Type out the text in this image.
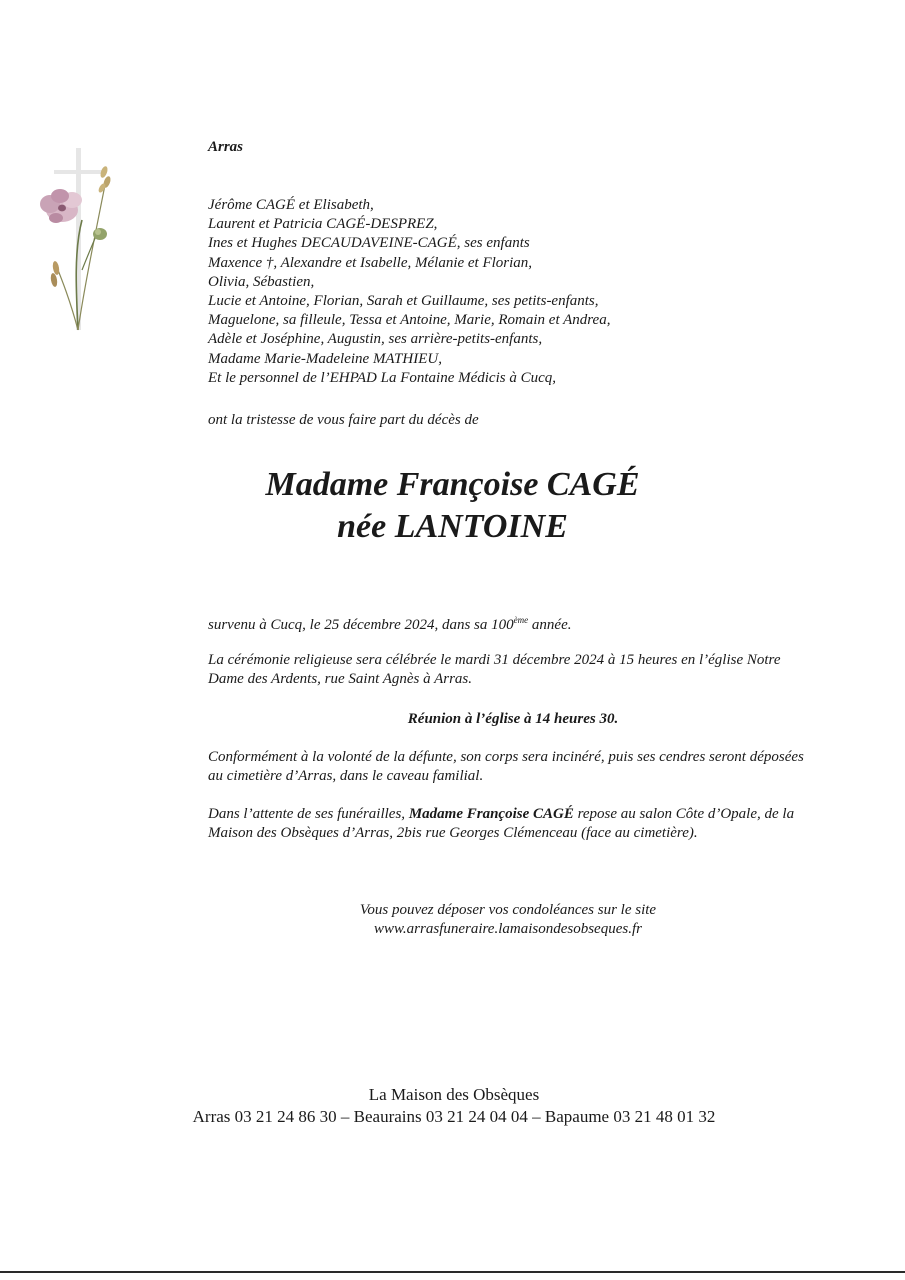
Arras
Jérôme CAGÉ et Elisabeth,
Laurent et Patricia CAGÉ-DESPREZ,
Ines et Hughes DECAUDAVEINE-CAGÉ, ses enfants
Maxence †, Alexandre et Isabelle, Mélanie et Florian,
Olivia, Sébastien,
Lucie et Antoine, Florian, Sarah et Guillaume, ses petits-enfants,
Maguelone, sa filleule, Tessa et Antoine, Marie, Romain et Andrea,
Adèle et Joséphine, Augustin, ses arrière-petits-enfants,
Madame Marie-Madeleine MATHIEU,
Et le personnel de l’EHPAD La Fontaine Médicis à Cucq,
ont la tristesse de vous faire part du décès de
Madame Françoise CAGÉ
née LANTOINE
survenu à Cucq, le 25 décembre 2024, dans sa 100ème année.
La cérémonie religieuse sera célébrée le mardi 31 décembre 2024 à 15 heures en l’église Notre Dame des Ardents, rue Saint Agnès à Arras.
Réunion à l’église à 14 heures 30.
Conformément à la volonté de la défunte, son corps sera incinéré, puis ses cendres seront déposées au cimetière d’Arras, dans le caveau familial.
Dans l’attente de ses funérailles, Madame Françoise CAGÉ repose au salon Côte d’Opale, de la Maison des Obsèques d’Arras, 2bis rue Georges Clémenceau (face au cimetière).
Vous pouvez déposer vos condoléances sur le site
www.arrasfuneraire.lamaisondesobseques.fr
La Maison des Obsèques
Arras 03 21 24 86 30 – Beaurains 03 21 24 04 04 – Bapaume 03 21 48 01 32
